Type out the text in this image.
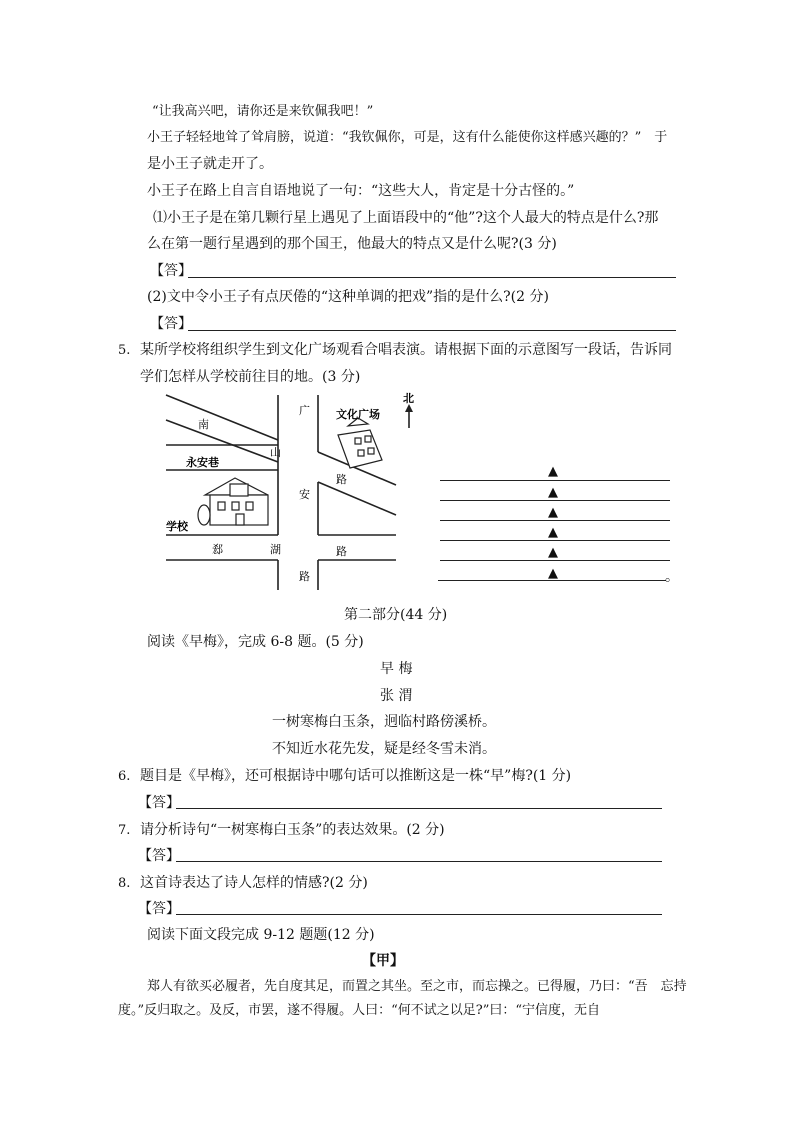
“让我高兴吧，请你还是来钦佩我吧！”
小王子轻轻地耸了耸肩膀，说道：“我钦佩你，可是，这有什么能使你这样感兴趣的？”　于
是小王子就走开了。
小王子在路上自言自语地说了一句：“这些大人，肯定是十分古怪的。”
⑴小王子是在第几颗行星上遇见了上面语段中的“他”?这个人最大的特点是什么?那
么在第一题行星遇到的那个国王，他最大的特点又是什么呢?(3 分)
【答】
(2)文中令小王子有点厌倦的“这种单调的把戏”指的是什么?(2 分)
【答】
5. 某所学校将组织学生到文化广场观看合唱表演。请根据下面的示意图写一段话，告诉同
学们怎样从学校前往目的地。(3 分)
南
山
广
安
路
路
路
永安巷
文化广场
北
学校
郄	湖
▲
▲
▲
▲
▲
▲	。
第二部分(44 分)
阅读《早梅》，完成 6-8 题。(5 分)
早 梅
张 渭
一树寒梅白玉条，迥临村路傍溪桥。
不知近水花先发，疑是经冬雪未消。
6. 题目是《早梅》，还可根据诗中哪句话可以推断这是一株“早”梅?(1 分)
【答】
7. 请分析诗句“一树寒梅白玉条”的表达效果。(2 分)
【答】
8. 这首诗表达了诗人怎样的情感?(2 分)
【答】
阅读下面文段完成 9-12 题题(12 分)
【甲】
郑人有欲买必履者，先自度其足，而置之其坐。至之市，而忘操之。已得履，乃曰：“吾　忘持
度。”反归取之。及反，市罢，遂不得履。人曰：“何不试之以足?”曰：“宁信度，无自
